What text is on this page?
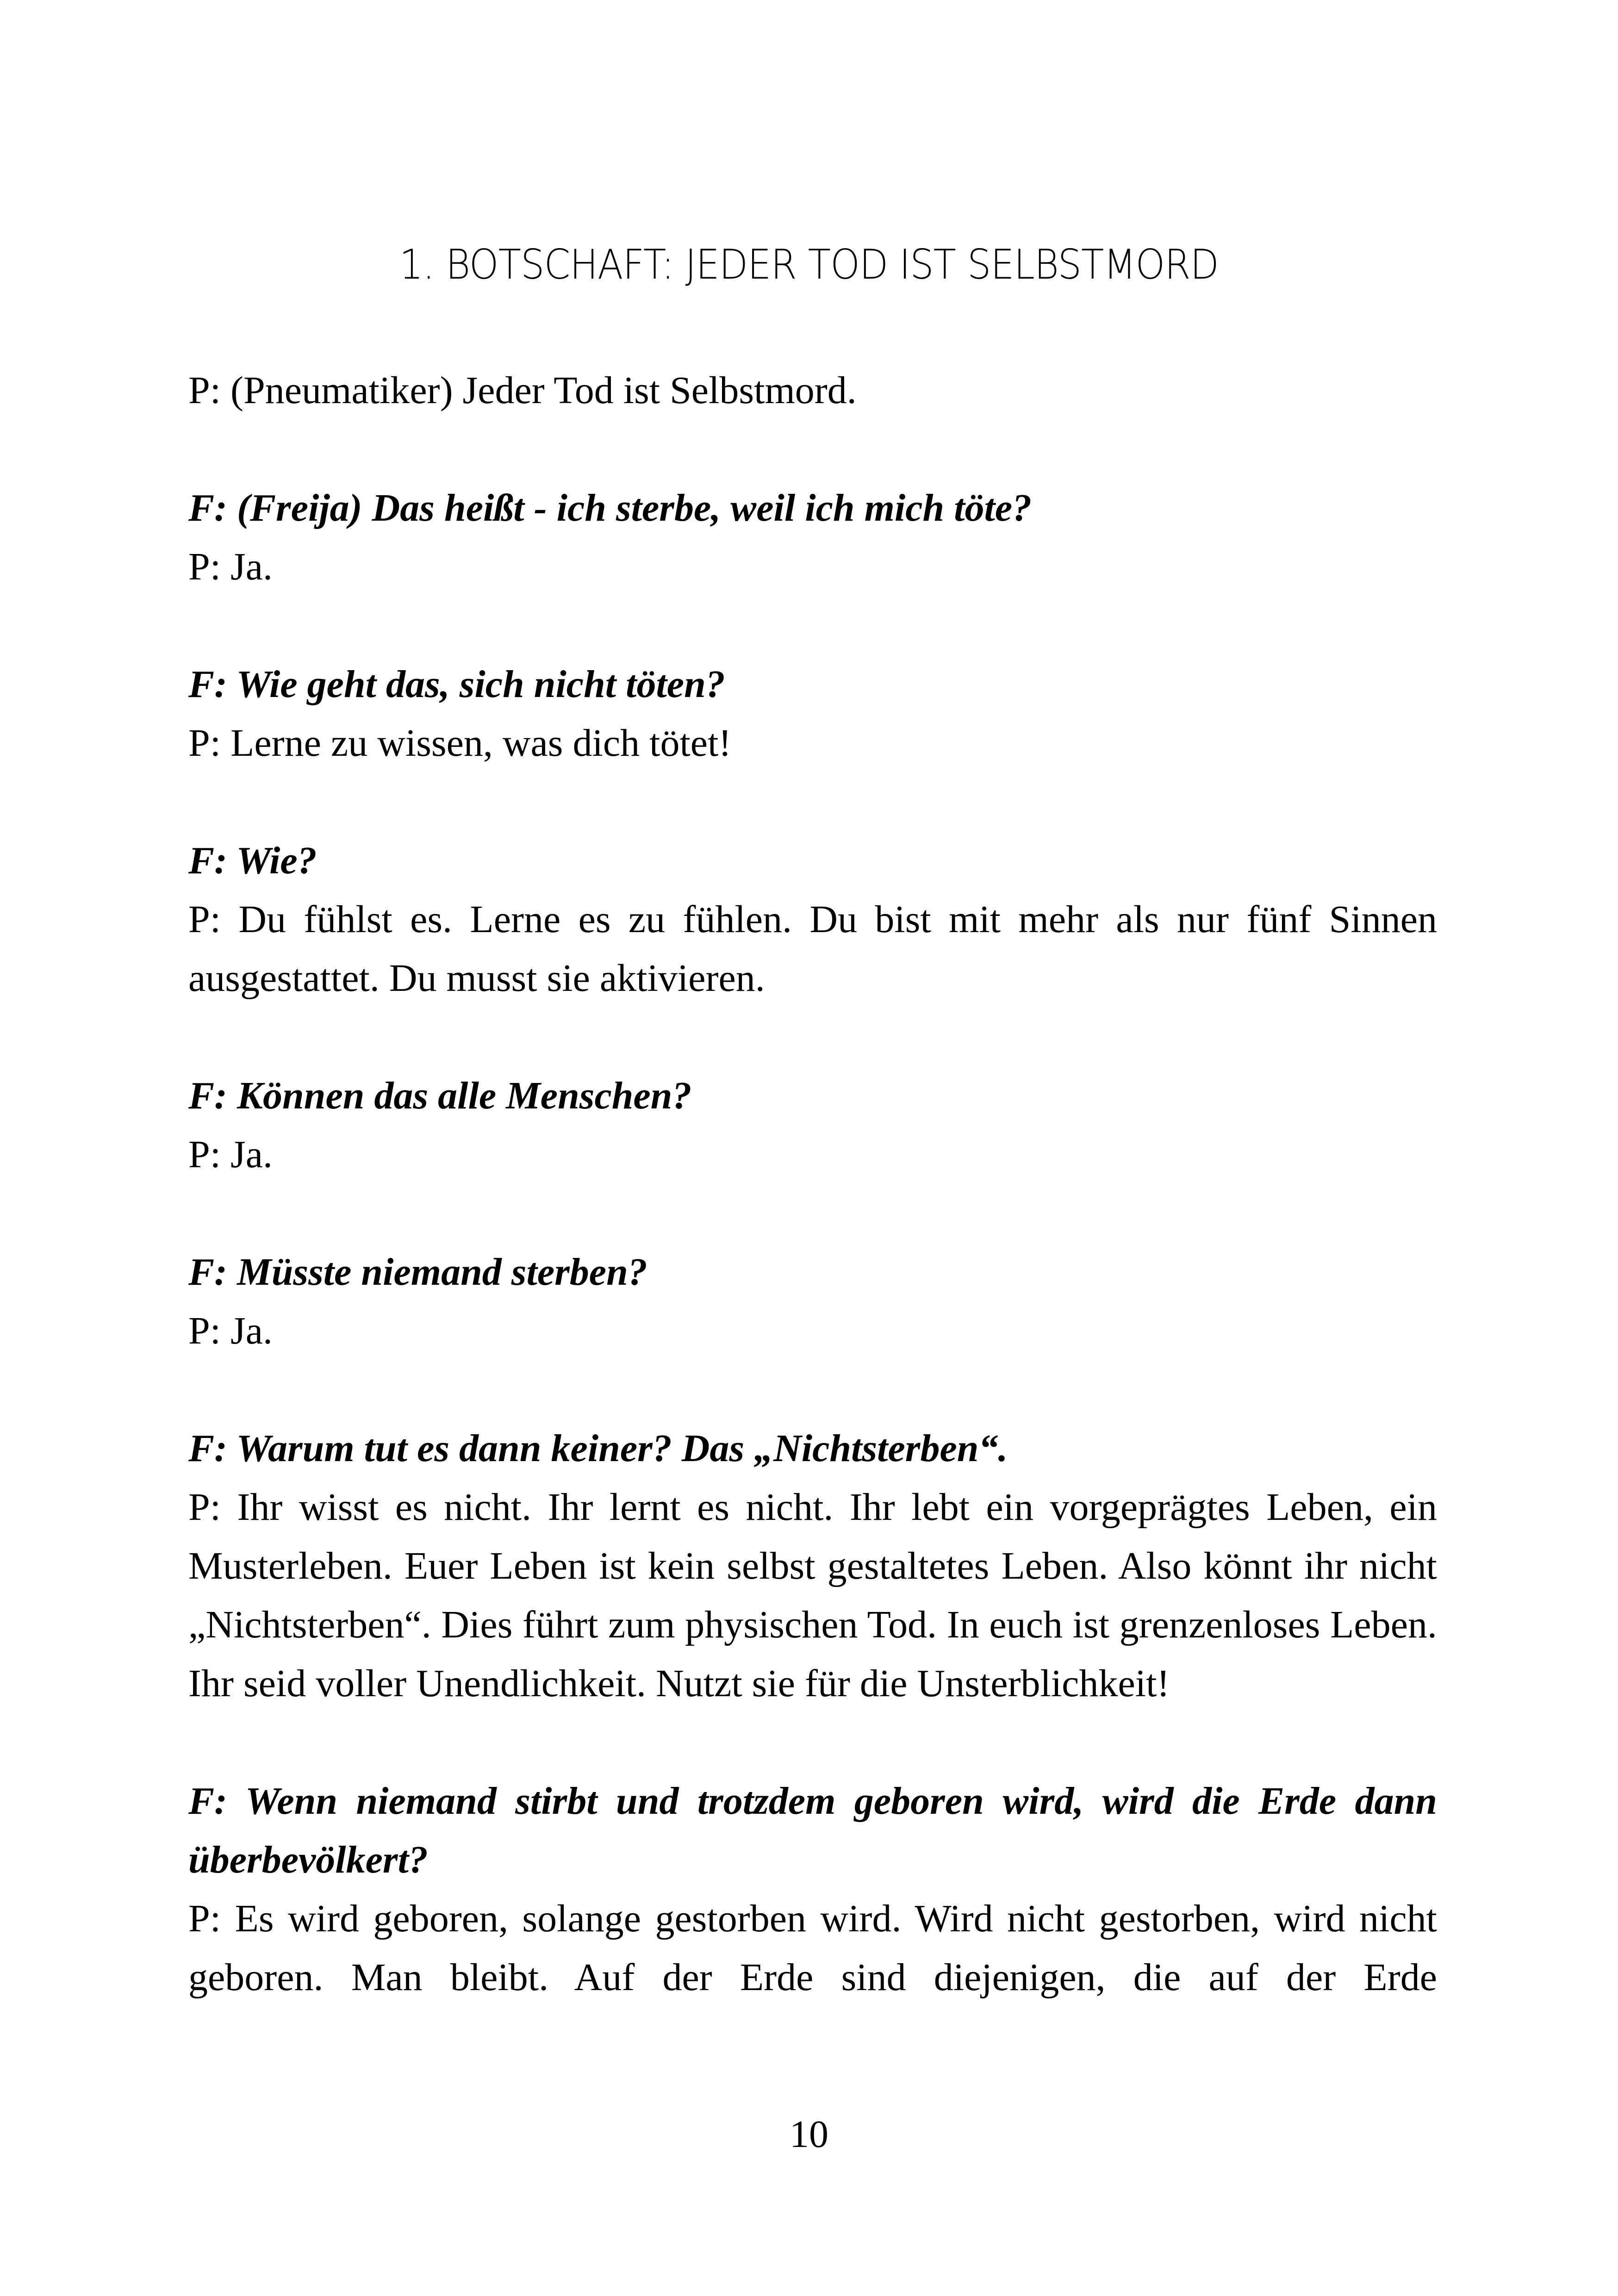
1. BOTSCHAFT: JEDER TOD IST SELBSTMORD
P: (Pneumatiker) Jeder Tod ist Selbstmord.
F: (Freija) Das heißt - ich sterbe, weil ich mich töte?
P: Ja.
F: Wie geht das, sich nicht töten?
P: Lerne zu wissen, was dich tötet!
F: Wie?
P: Du fühlst es. Lerne es zu fühlen. Du bist mit mehr als nur fünf Sinnen ausgestattet. Du musst sie aktivieren.
F: Können das alle Menschen?
P: Ja.
F: Müsste niemand sterben?
P: Ja.
F: Warum tut es dann keiner? Das „Nichtsterben“.
P: Ihr wisst es nicht. Ihr lernt es nicht. Ihr lebt ein vorgeprägtes Leben, ein Musterleben. Euer Leben ist kein selbst gestaltetes Leben. Also könnt ihr nicht „Nichtsterben“. Dies führt zum physischen Tod. In euch ist grenzenloses Leben. Ihr seid voller Unendlichkeit. Nutzt sie für die Unsterblichkeit!
F: Wenn niemand stirbt und trotzdem geboren wird, wird die Erde dann überbevölkert?
P: Es wird geboren, solange gestorben wird. Wird nicht gestorben, wird nicht geboren. Man bleibt. Auf der Erde sind diejenigen, die auf der Erde
10
